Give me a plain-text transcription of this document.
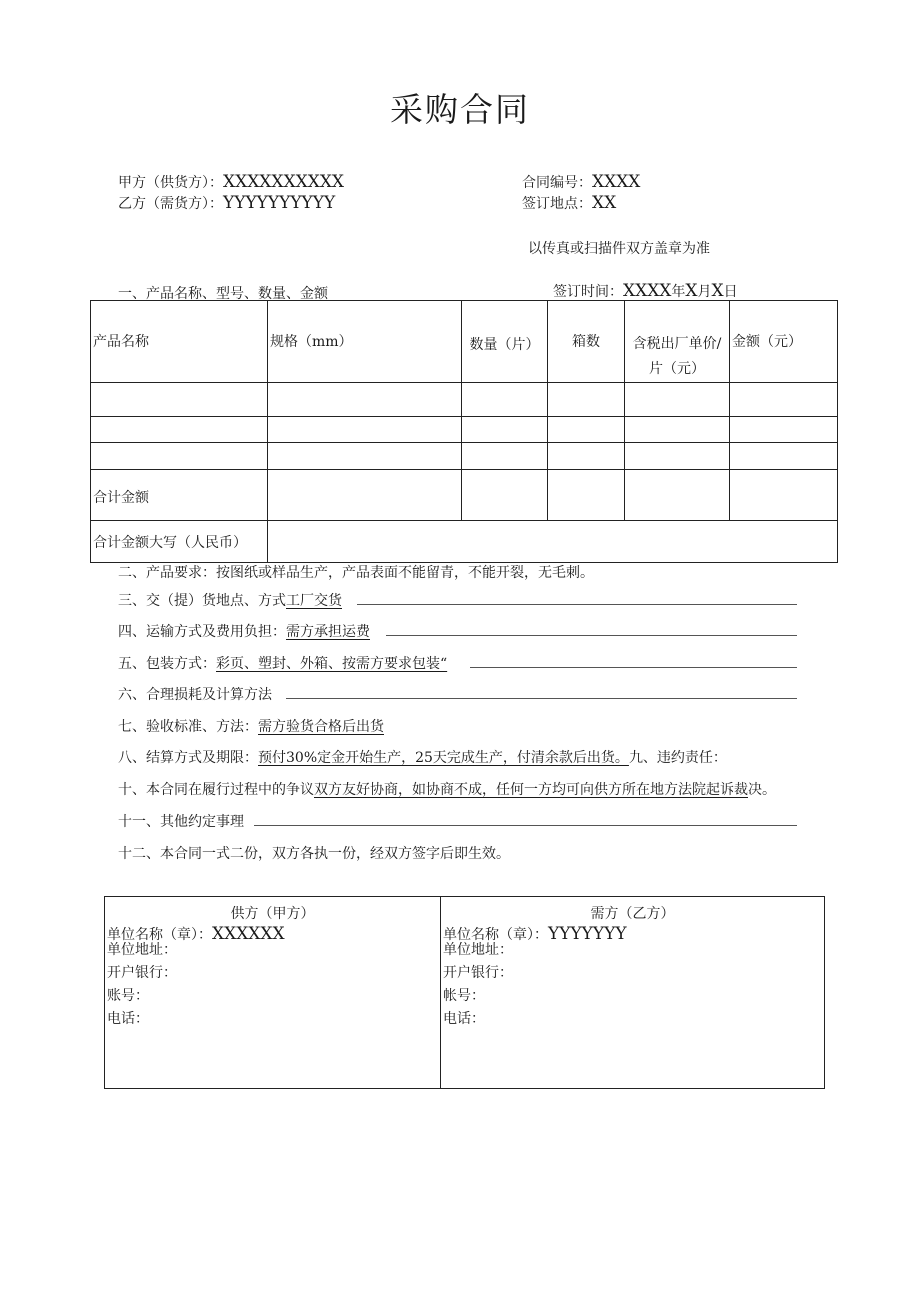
采购合同
甲方（供货方）：XXXXXXXXXX
乙方（需货方）：YYYYYYYYYY
合同编号：XXXX
签订地点：XX
以传真或扫描件双方盖章为准
一、产品名称、型号、数量、金额	签订时间：XXXX年X月X日
产品名称	规格（mm）	数量（片）	箱数	含税出厂单价/片（元）	金额（元）

合计金额					
合计金额大写（人民币）					
二、产品要求：按图纸或样品生产，产品表面不能留青，不能开裂，无毛刺。
三、交（提）货地点、方式工厂交货
四、运输方式及费用负担：需方承担运费
五、包装方式：彩页、塑封、外箱、按需方要求包装“
六、合理损耗及计算方法
七、验收标准、方法：需方验货合格后出货
八、结算方式及期限：预付30%定金开始生产，25天完成生产，付清余款后出货。九、违约责任：
十、本合同在履行过程中的争议双方友好协商，如协商不成，任何一方均可向供方所在地方法院起诉裁决。
十一、其他约定事理
十二、本合同一式二份，双方各执一份，经双方签字后即生效。
供方（甲方）
单位名称（章）：XXXXXX
单位地址：
开户银行：
账号：
电话：

需方（乙方）
单位名称（章）：YYYYYYY
单位地址：
开户银行：
帐号：
电话：
